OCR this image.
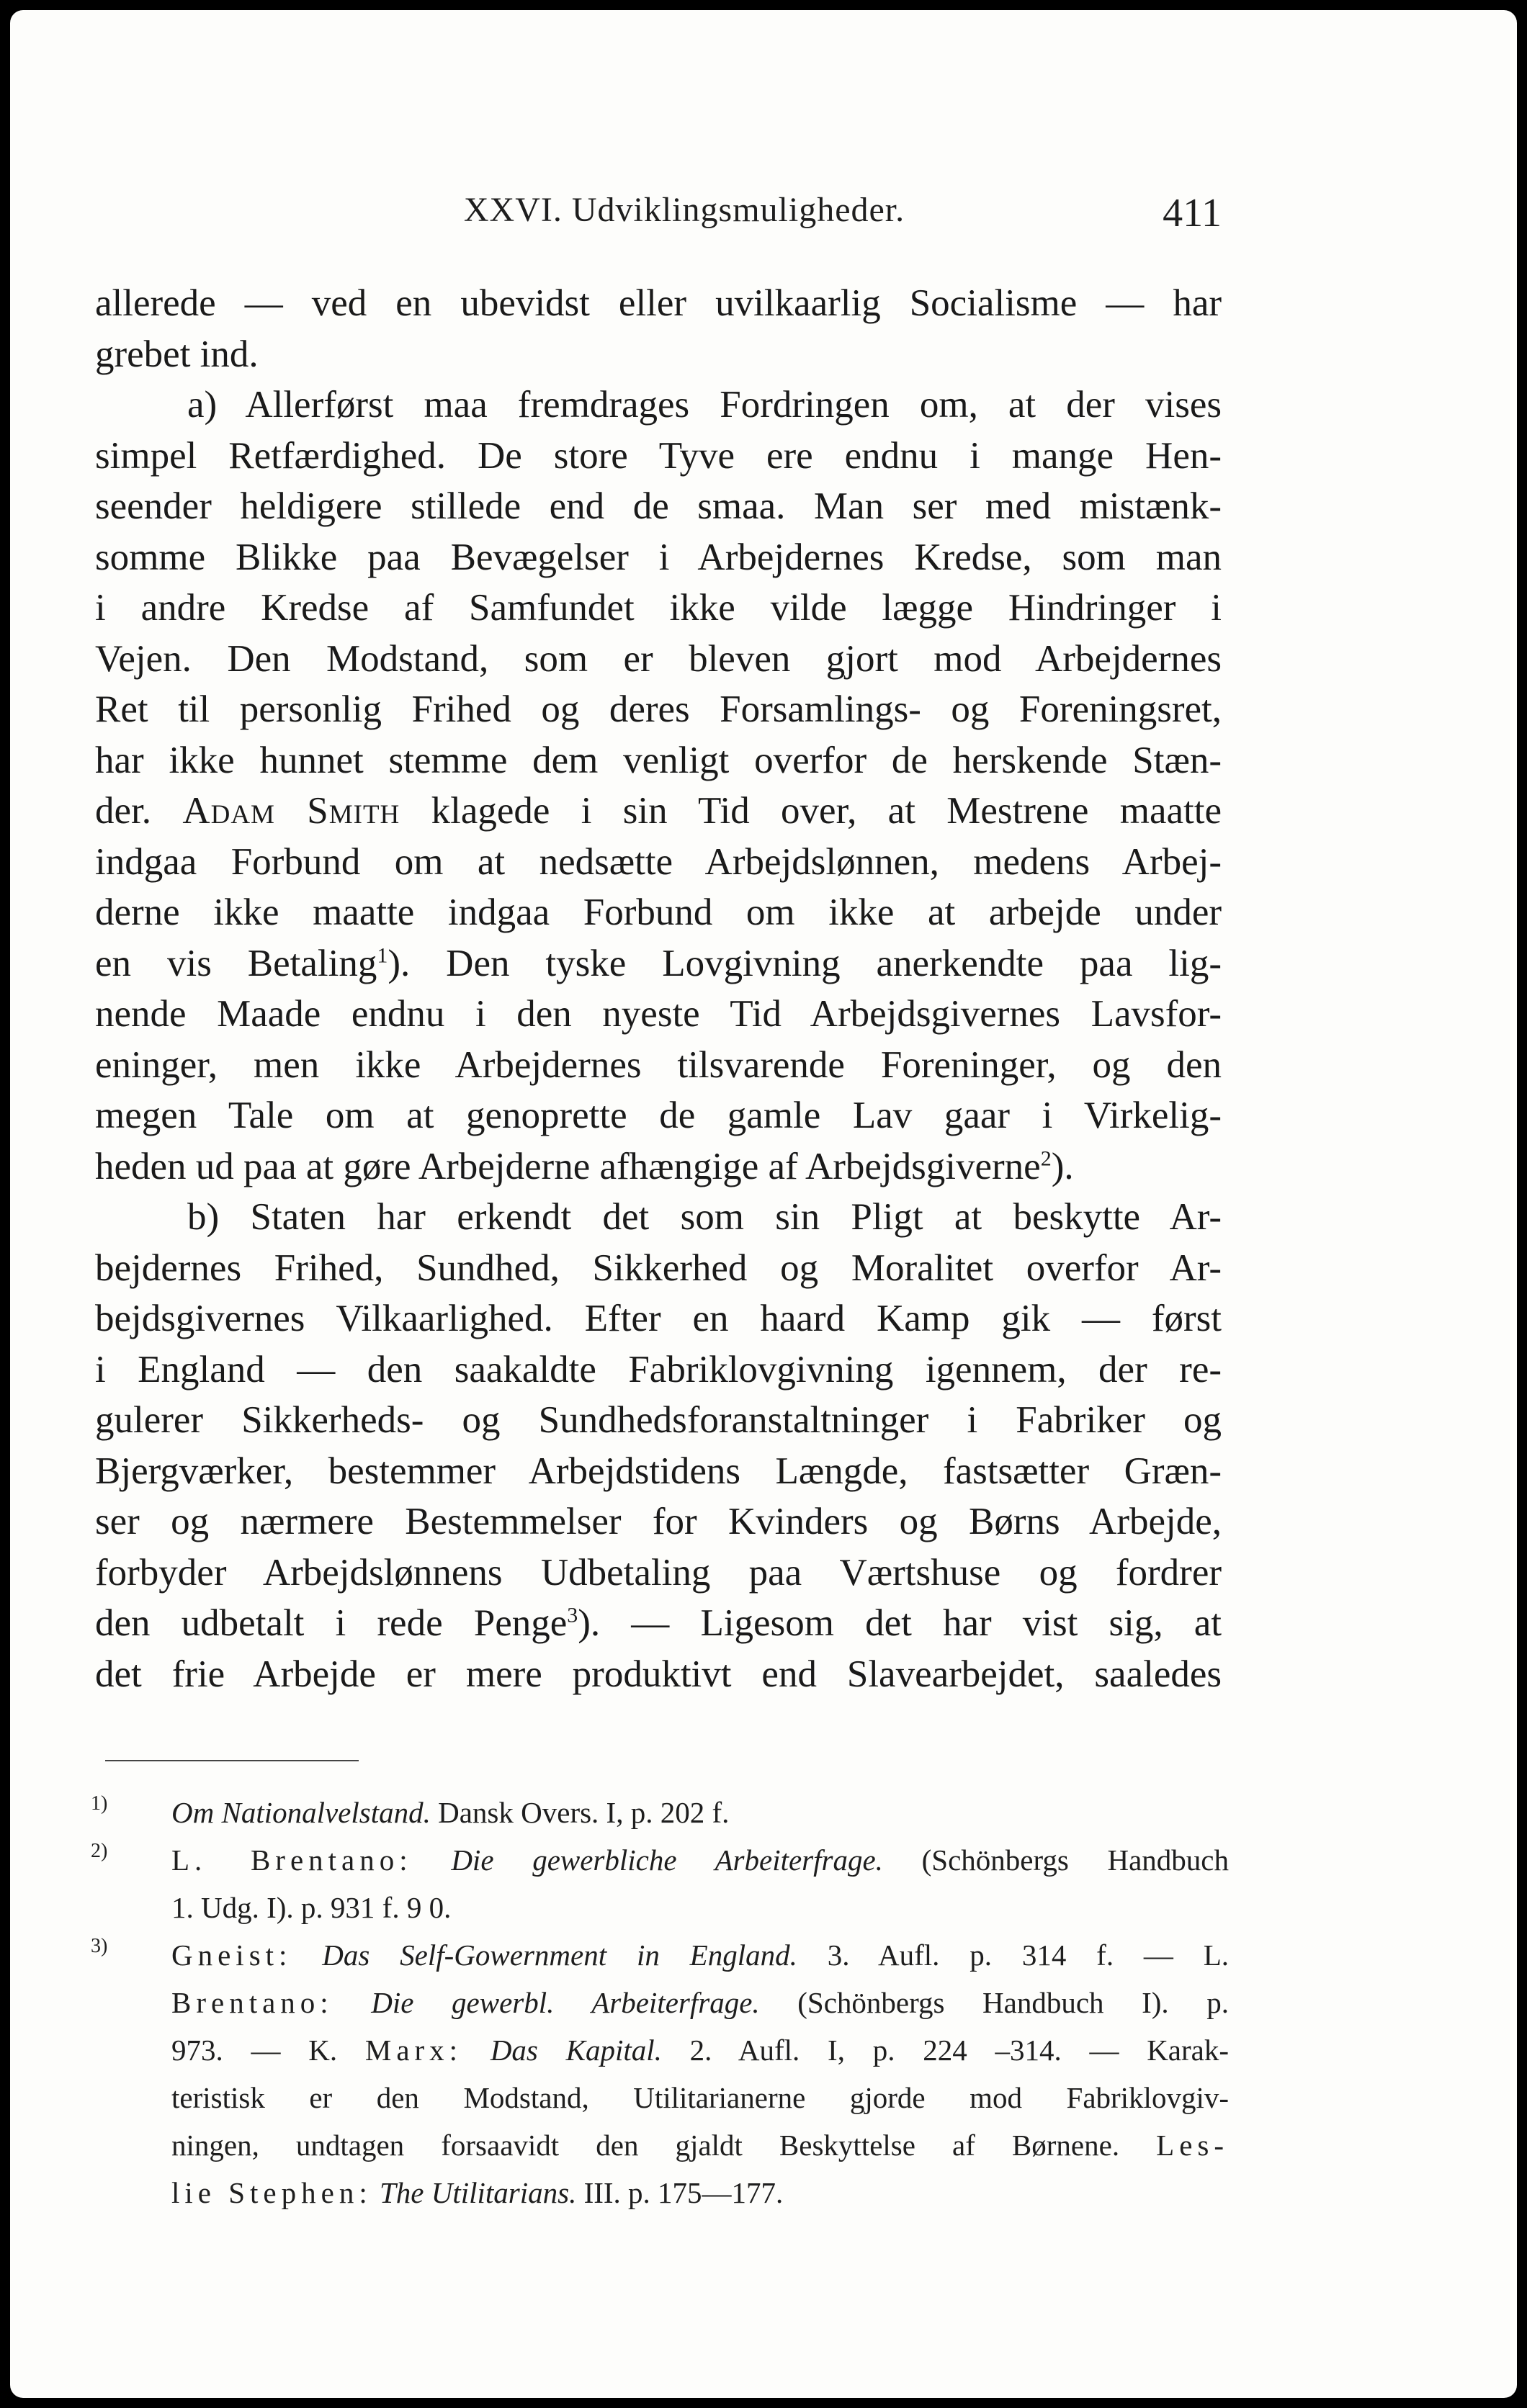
XXVI. Udviklingsmuligheder.	411
allerede — ved en ubevidst eller uvilkaarlig Socialisme — har
grebet ind.
a) Allerførst maa fremdrages Fordringen om, at der vises
simpel Retfærdighed. De store Tyve ere endnu i mange Hen-
seender heldigere stillede end de smaa. Man ser med mistænk-
somme Blikke paa Bevægelser i Arbejdernes Kredse, som man
i andre Kredse af Samfundet ikke vilde lægge Hindringer i
Vejen. Den Modstand, som er bleven gjort mod Arbejdernes
Ret til personlig Frihed og deres Forsamlings- og Foreningsret,
har ikke hunnet stemme dem venligt overfor de herskende Stæn-
der. Adam Smith klagede i sin Tid over, at Mestrene maatte
indgaa Forbund om at nedsætte Arbejdslønnen, medens Arbej-
derne ikke maatte indgaa Forbund om ikke at arbejde under
en vis Betaling$^1$). Den tyske Lovgivning anerkendte paa lig-
nende Maade endnu i den nyeste Tid Arbejdsgivernes Lavsfor-
eninger, men ikke Arbejdernes tilsvarende Foreninger, og den
megen Tale om at genoprette de gamle Lav gaar i Virkelig-
heden ud paa at gøre Arbejderne afhængige af Arbejdsgiverne$^2$).
b) Staten har erkendt det som sin Pligt at beskytte Ar-
bejdernes Frihed, Sundhed, Sikkerhed og Moralitet overfor Ar-
bejdsgivernes Vilkaarlighed. Efter en haard Kamp gik — først
i England — den saakaldte Fabriklovgivning igennem, der re-
gulerer Sikkerheds- og Sundhedsforanstaltninger i Fabriker og
Bjergværker, bestemmer Arbejdstidens Længde, fastsætter Græn-
ser og nærmere Bestemmelser for Kvinders og Børns Arbejde,
forbyder Arbejdslønnens Udbetaling paa Værtshuse og fordrer
den udbetalt i rede Penge$^3$). — Ligesom det har vist sig, at
det frie Arbejde er mere produktivt end Slavearbejdet, saaledes
1) Om Nationalvelstand. Dansk Overs. I, p. 202 f.
2) L. Brentano: Die gewerbliche Arbeiterfrage. (Schönbergs Handbuch
1. Udg. I). p. 931 f. 9 0.
3) Gneist: Das Self-Gowernment in England. 3. Aufl. p. 314 f. — L.
Brentano: Die gewerbl. Arbeiterfrage. (Schönbergs Handbuch I). p.
973. — K. Marx: Das Kapital. 2. Aufl. I, p. 224 –314. — Karak-
teristisk er den Modstand, Utilitarianerne gjorde mod Fabriklovgiv-
ningen, undtagen forsaavidt den gjaldt Beskyttelse af Børnene. Les-
lie Stephen: The Utilitarians. III. p. 175—177.
